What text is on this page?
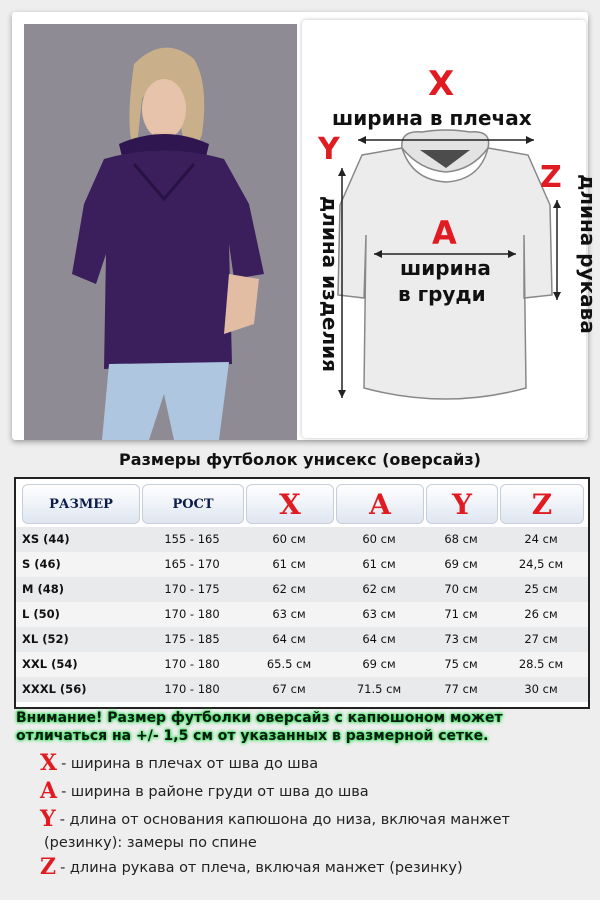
X
ширина в плечах
Y
длина изделия
Z длина рукава
A
ширина
в груди
Размеры футболок унисекс (оверсайз)
РАЗМЕР	РОСТ X A Y Z
XS (44)	155 - 165	60 см	60 см	68 см	24 см
S (46)	165 - 170	61 см	61 см	69 см	24,5 см
M (48)	170 - 175	62 см	62 см	70 см	25 см
L (50)	170 - 180	63 см	63 см	71 см	26 см
XL (52)	175 - 185	64 см	64 см	73 см	27 см
XXL (54)	170 - 180	65.5 см	69 см	75 см	28.5 см
XXXL (56)	170 - 180	67 см	71.5 см	77 см	30 см
Внимание! Размер футболки оверсайз с капюшоном может
отличаться на +/- 1,5 см от указанных в размерной сетке.
X - ширина в плечах от шва до шва
A - ширина в районе груди от шва до шва
Y - длина от основания капюшона до низа, включая манжет
(резинку): замеры по спине
Z - длина рукава от плеча, включая манжет (резинку)
